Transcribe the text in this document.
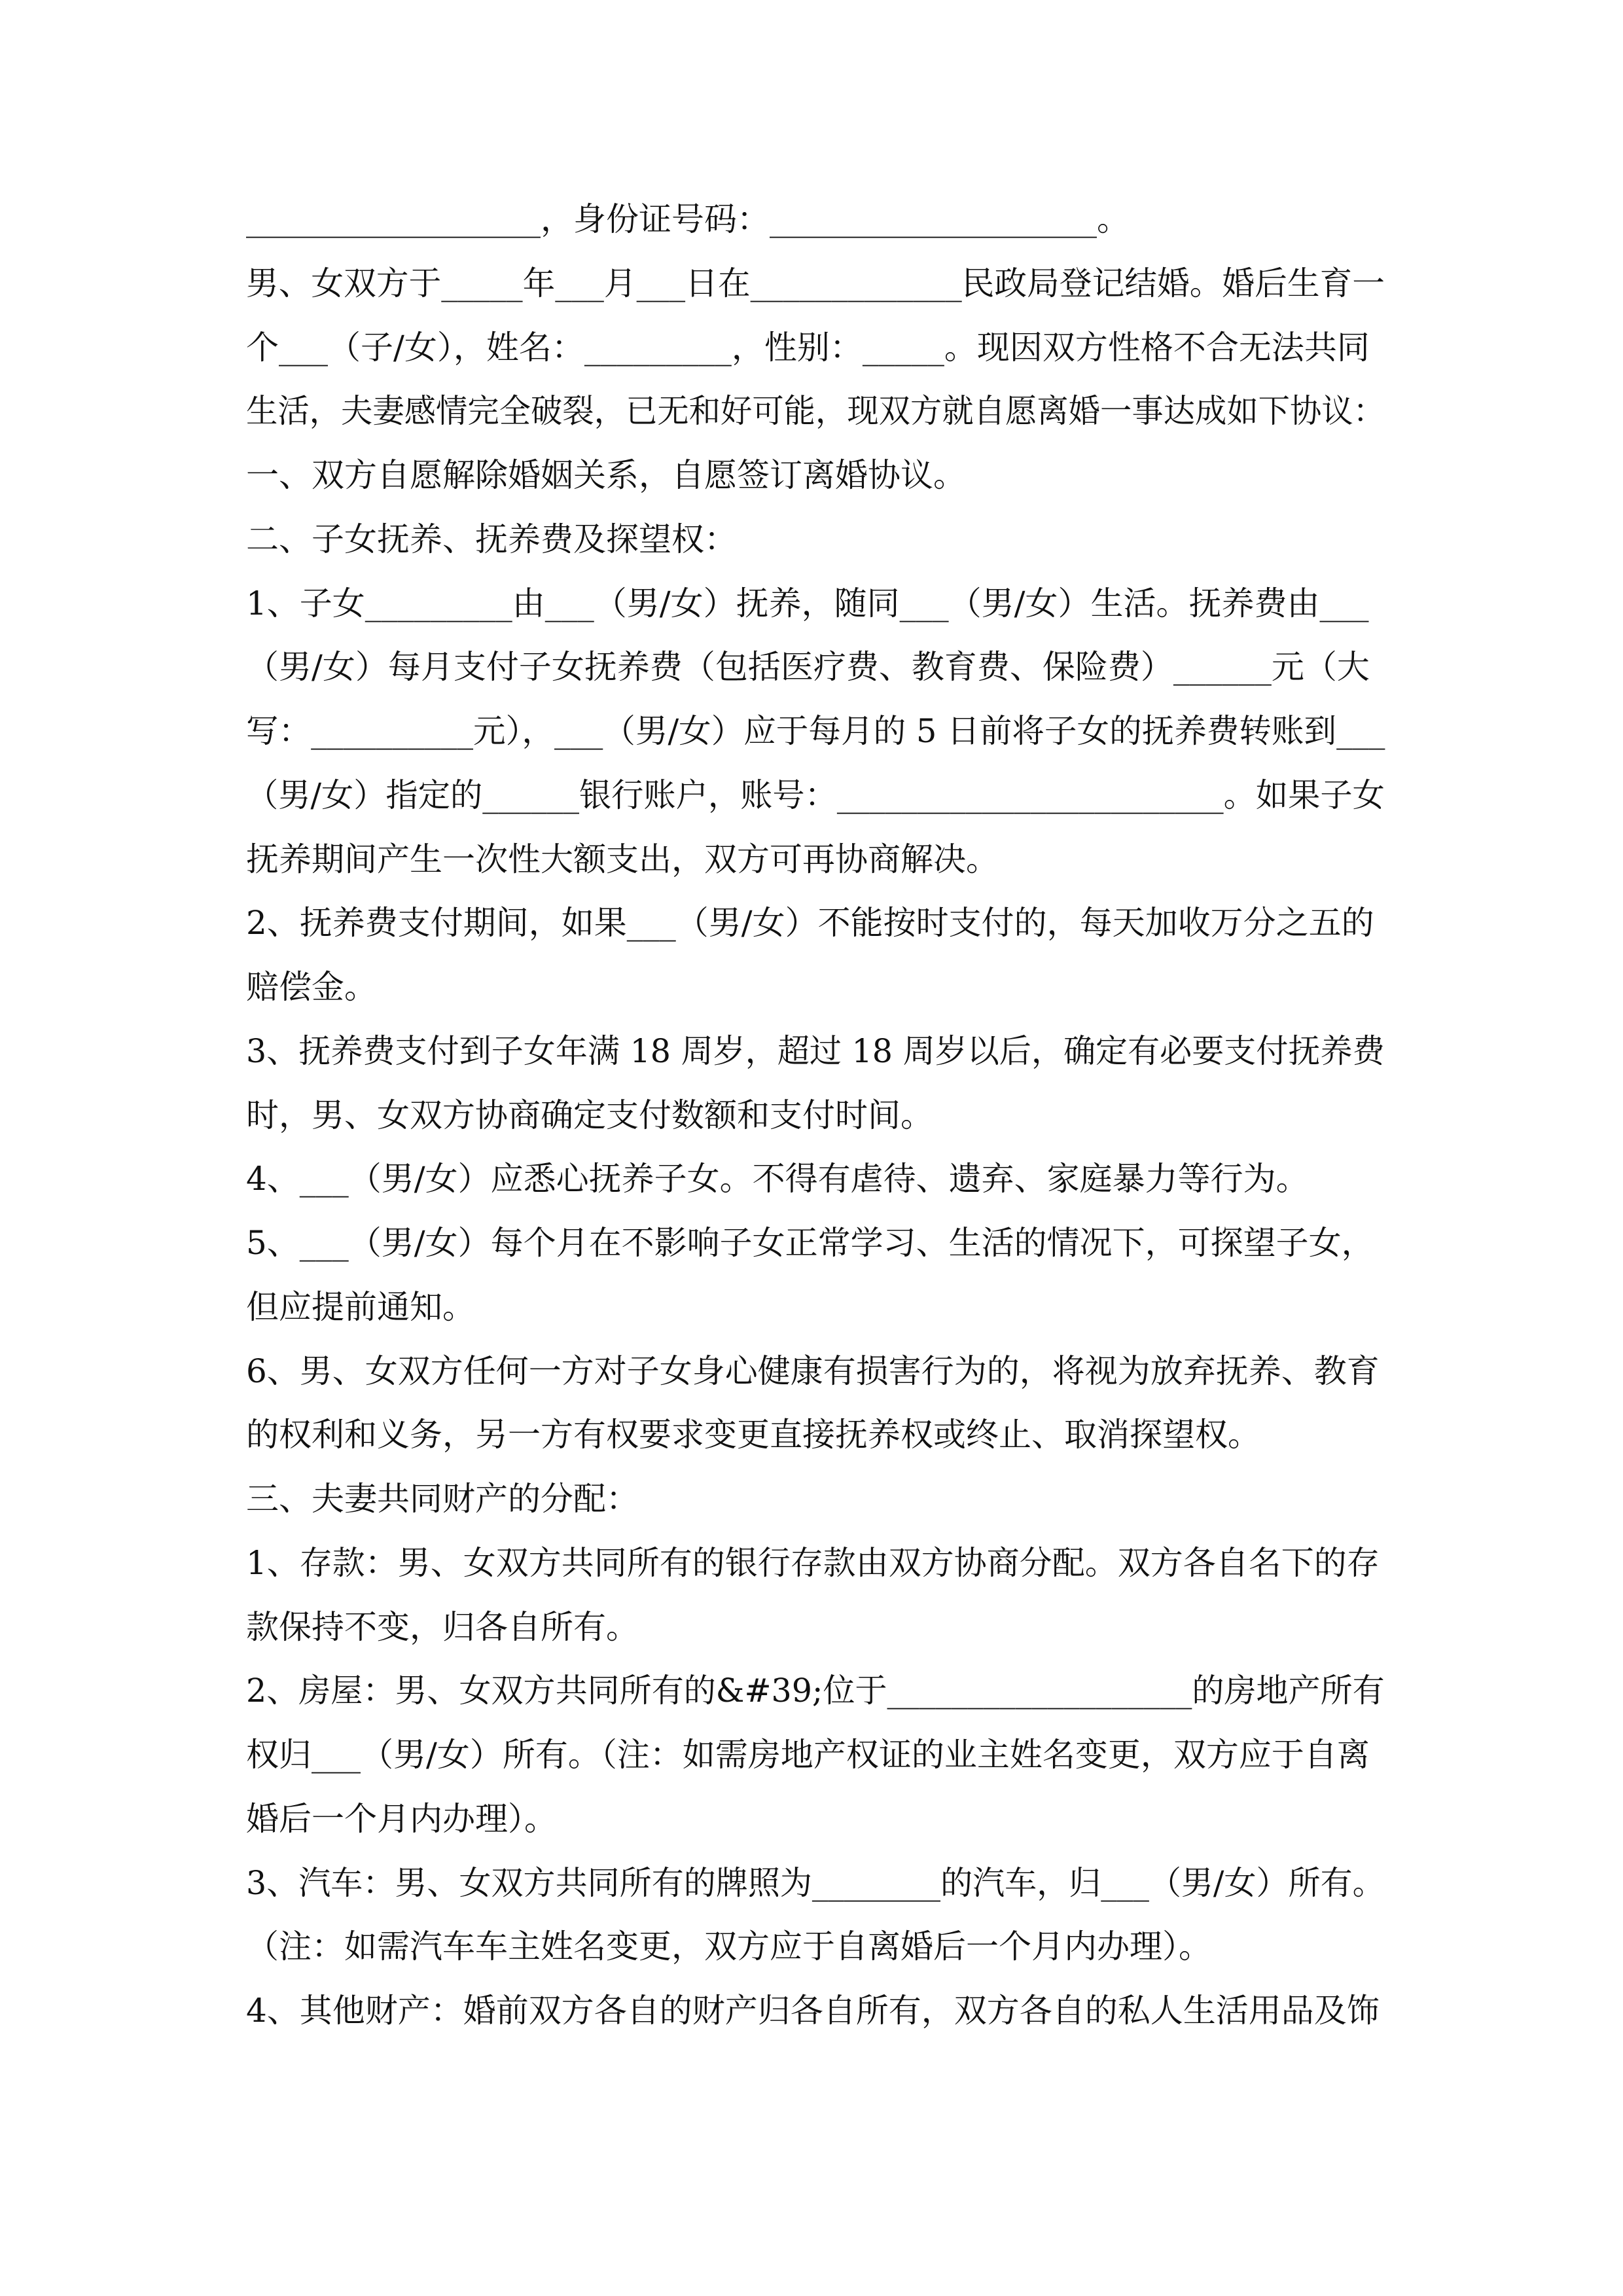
__________________，身份证号码：____________________。
男、女双方于_____年___月___日在_____________民政局登记结婚。婚后生育一
个___（子/女），姓名：_________，性别：_____。现因双方性格不合无法共同
生活，夫妻感情完全破裂，已无和好可能，现双方就自愿离婚一事达成如下协议：
一、双方自愿解除婚姻关系，自愿签订离婚协议。
二、子女抚养、抚养费及探望权：
1、子女_________由___（男/女）抚养，随同___（男/女）生活。抚养费由___
（男/女）每月支付子女抚养费（包括医疗费、教育费、保险费）______元（大
写：__________元），___（男/女）应于每月的 5 日前将子女的抚养费转账到___
（男/女）指定的______银行账户，账号：________________________。如果子女
抚养期间产生一次性大额支出，双方可再协商解决。
2、抚养费支付期间，如果___（男/女）不能按时支付的，每天加收万分之五的
赔偿金。
3、抚养费支付到子女年满 18 周岁，超过 18 周岁以后，确定有必要支付抚养费
时，男、女双方协商确定支付数额和支付时间。
4、___（男/女）应悉心抚养子女。不得有虐待、遗弃、家庭暴力等行为。
5、___（男/女）每个月在不影响子女正常学习、生活的情况下，可探望子女，
但应提前通知。
6、男、女双方任何一方对子女身心健康有损害行为的，将视为放弃抚养、教育
的权利和义务，另一方有权要求变更直接抚养权或终止、取消探望权。
三、夫妻共同财产的分配：
1、存款：男、女双方共同所有的银行存款由双方协商分配。双方各自名下的存
款保持不变，归各自所有。
2、房屋：男、女双方共同所有的&#39;位于___________________的房地产所有
权归___（男/女）所有。（注：如需房地产权证的业主姓名变更，双方应于自离
婚后一个月内办理）。
3、汽车：男、女双方共同所有的牌照为________的汽车，归___（男/女）所有。
（注：如需汽车车主姓名变更，双方应于自离婚后一个月内办理）。
4、其他财产：婚前双方各自的财产归各自所有，双方各自的私人生活用品及饰
